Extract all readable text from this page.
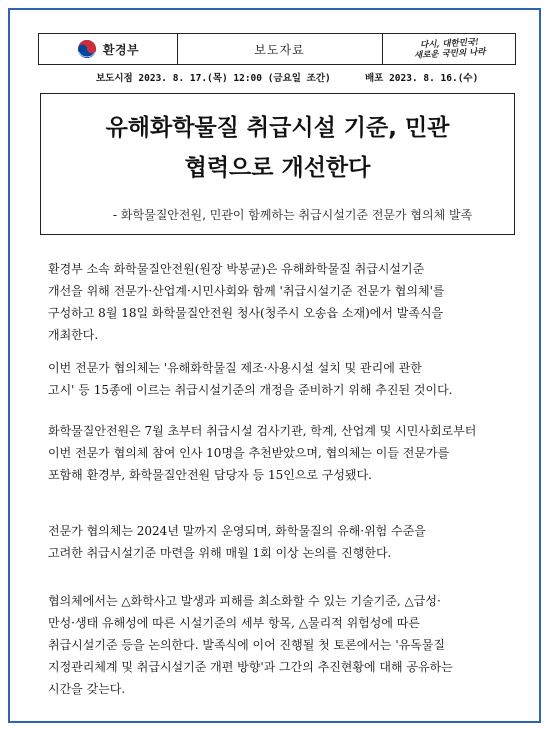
환경부	보도자료	다시, 대한민국!
새로운 국민의 나라
보도시점 2023. 8. 17.(목) 12:00 (금요일 조간)	배포 2023. 8. 16.(수)
유해화학물질 취급시설 기준, 민관
협력으로 개선한다
- 화학물질안전원, 민관이 함께하는 취급시설기준 전문가 협의체 발족
환경부 소속 화학물질안전원(원장 박봉균)은 유해화학물질 취급시설기준
개선을 위해 전문가·산업계·시민사회와 함께 '취급시설기준 전문가 협의체'를
구성하고 8월 18일 화학물질안전원 청사(청주시 오송읍 소재)에서 발족식을
개최한다.
이번 전문가 협의체는 '유해화학물질 제조·사용시설 설치 및 관리에 관한
고시' 등 15종에 이르는 취급시설기준의 개정을 준비하기 위해 추진된 것이다.
화학물질안전원은 7월 초부터 취급시설 검사기관, 학계, 산업계 및 시민사회로부터
이번 전문가 협의체 참여 인사 10명을 추천받았으며, 협의체는 이들 전문가를
포함해 환경부, 화학물질안전원 담당자 등 15인으로 구성됐다.
전문가 협의체는 2024년 말까지 운영되며, 화학물질의 유해·위험 수준을
고려한 취급시설기준 마련을 위해 매월 1회 이상 논의를 진행한다.
협의체에서는 △화학사고 발생과 피해를 최소화할 수 있는 기술기준, △급성·
만성·생태 유해성에 따른 시설기준의 세부 항목, △물리적 위험성에 따른
취급시설기준 등을 논의한다. 발족식에 이어 진행될 첫 토론에서는 '유독물질
지정관리체계 및 취급시설기준 개편 방향'과 그간의 추진현황에 대해 공유하는
시간을 갖는다.
